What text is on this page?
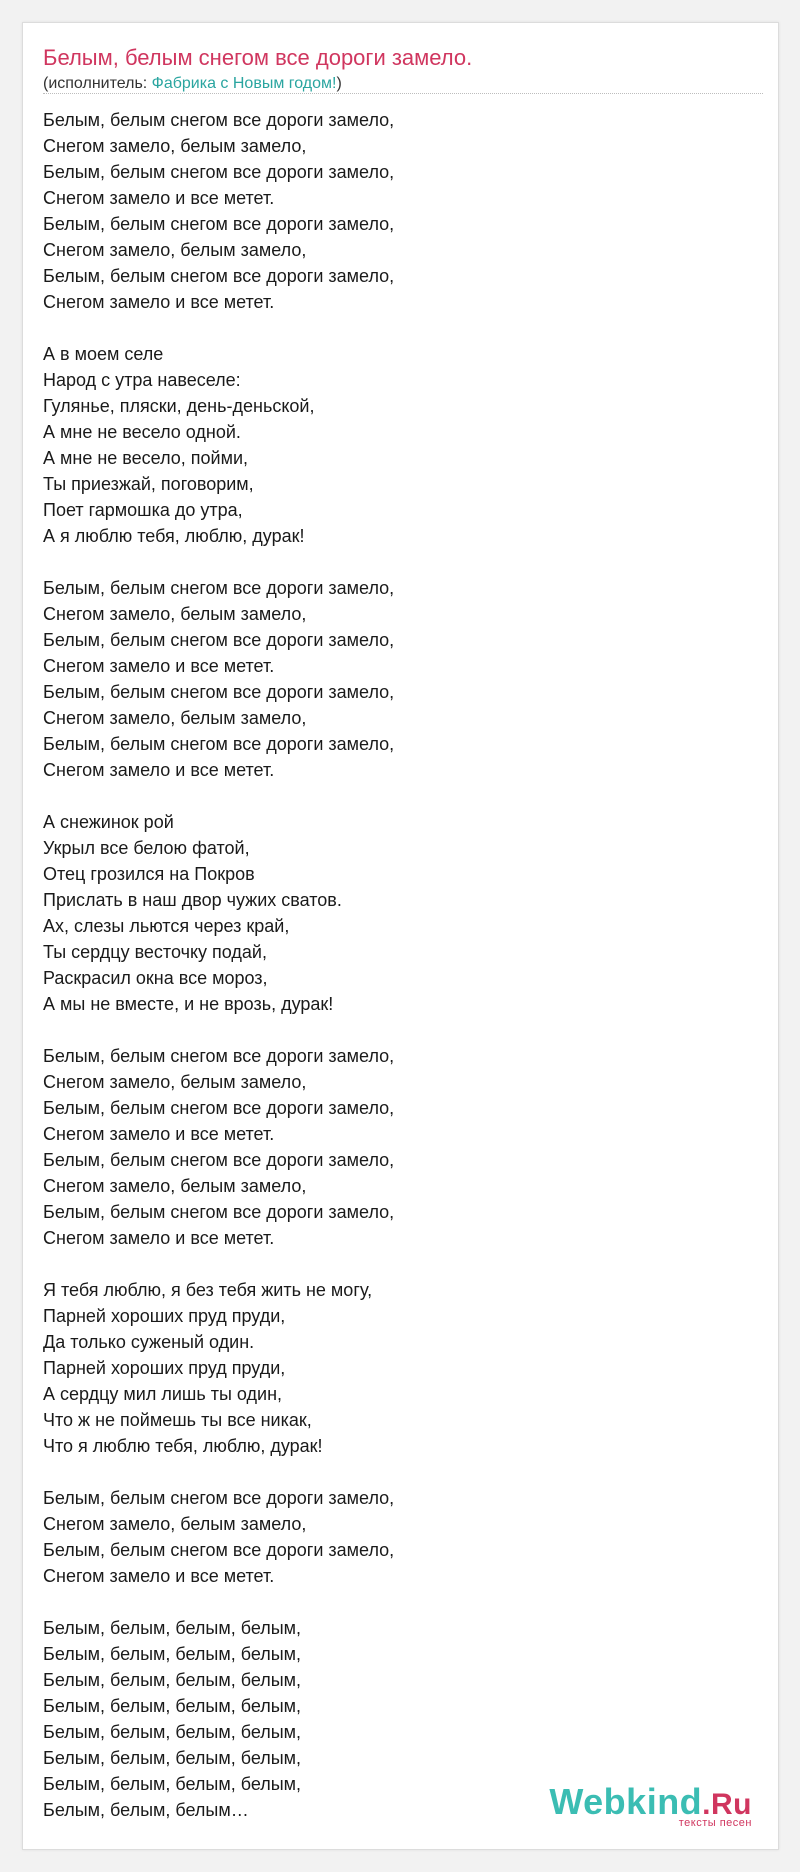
Белым, белым снегом все дороги замело.
(исполнитель: Фабрика с Новым годом!)
Белым, белым снегом все дороги замело,
Снегом замело, белым замело,
Белым, белым снегом все дороги замело,
Снегом замело и все метет.
Белым, белым снегом все дороги замело,
Снегом замело, белым замело,
Белым, белым снегом все дороги замело,
Снегом замело и все метет.
А в моем селе
Народ с утра навеселе:
Гулянье, пляски, день-деньской,
А мне не весело одной.
А мне не весело, пойми,
Ты приезжай, поговорим,
Поет гармошка до утра,
А я люблю тебя, люблю, дурак!
Белым, белым снегом все дороги замело,
Снегом замело, белым замело,
Белым, белым снегом все дороги замело,
Снегом замело и все метет.
Белым, белым снегом все дороги замело,
Снегом замело, белым замело,
Белым, белым снегом все дороги замело,
Снегом замело и все метет.
А снежинок рой
Укрыл все белою фатой,
Отец грозился на Покров
Прислать в наш двор чужих сватов.
Ах, слезы льются через край,
Ты сердцу весточку подай,
Раскрасил окна все мороз,
А мы не вместе, и не врозь, дурак!
Белым, белым снегом все дороги замело,
Снегом замело, белым замело,
Белым, белым снегом все дороги замело,
Снегом замело и все метет.
Белым, белым снегом все дороги замело,
Снегом замело, белым замело,
Белым, белым снегом все дороги замело,
Снегом замело и все метет.
Я тебя люблю, я без тебя жить не могу,
Парней хороших пруд пруди,
Да только суженый один.
Парней хороших пруд пруди,
А сердцу мил лишь ты один,
Что ж не поймешь ты все никак,
Что я люблю тебя, люблю, дурак!
Белым, белым снегом все дороги замело,
Снегом замело, белым замело,
Белым, белым снегом все дороги замело,
Снегом замело и все метет.
Белым, белым, белым, белым,
Белым, белым, белым, белым,
Белым, белым, белым, белым,
Белым, белым, белым, белым,
Белым, белым, белым, белым,
Белым, белым, белым, белым,
Белым, белым, белым, белым,
Белым, белым, белым…	Webkind.Ru
тексты песен
